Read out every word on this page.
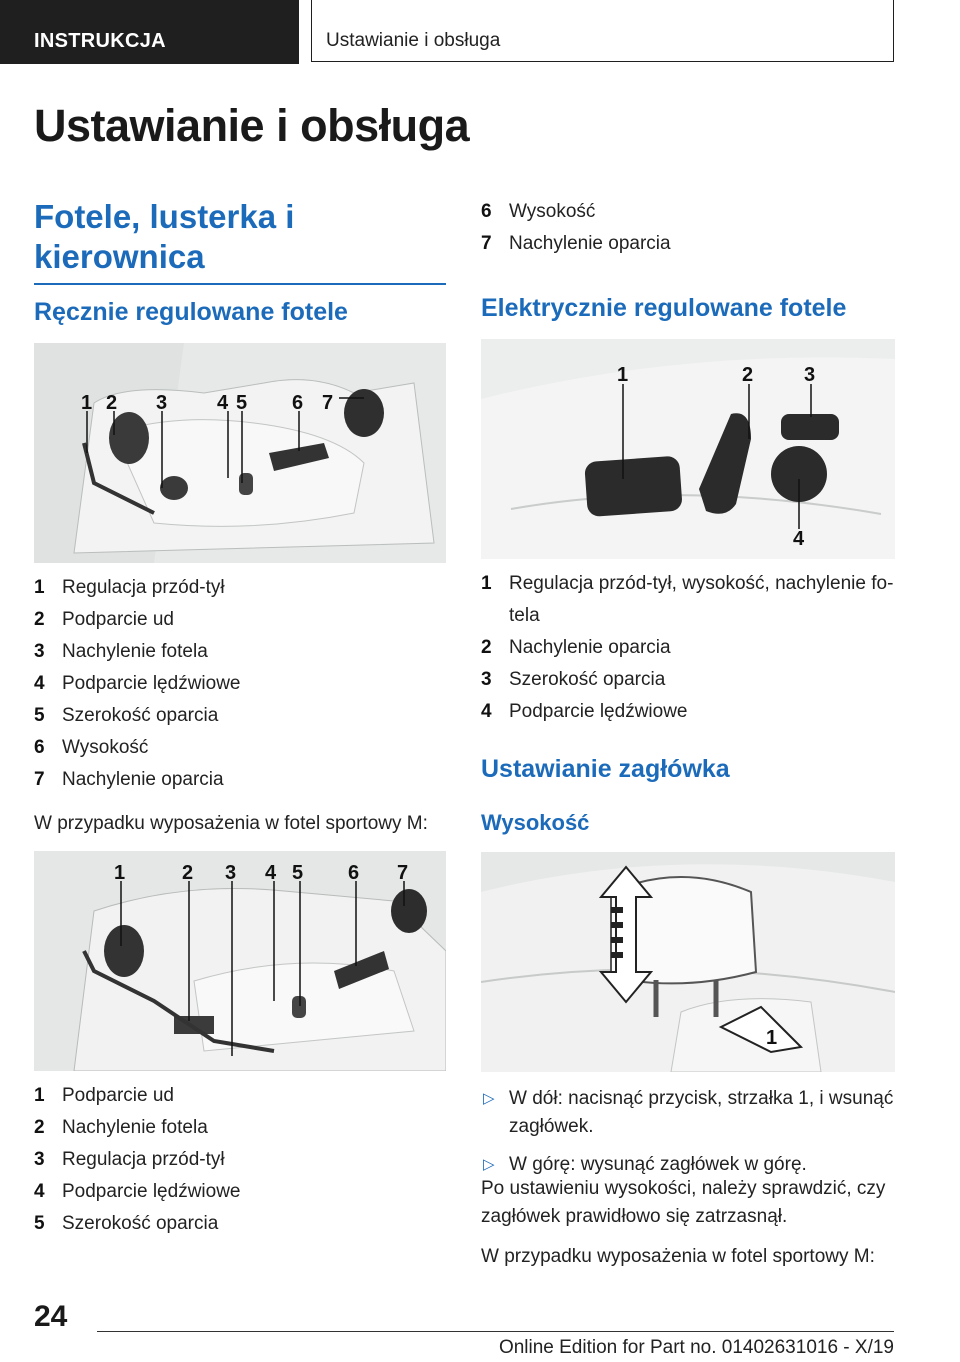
INSTRUKCJA	Ustawianie i obsługa
Ustawianie i obsługa
Fotele, lusterka i kierownica
Ręcznie regulowane fotele
1 2 3 4 5 6 7
1 Regulacja przód-tył
2 Podparcie ud
3 Nachylenie fotela
4 Podparcie lędźwiowe
5 Szerokość oparcia
6 Wysokość
7 Nachylenie oparcia
W przypadku wyposażenia w fotel sportowy M:
1	2 3 4 5 6 7
1 Podparcie ud
2 Nachylenie fotela
3 Regulacja przód-tył
4 Podparcie lędźwiowe
5 Szerokość oparcia
6 Wysokość
7 Nachylenie oparcia
Elektrycznie regulowane fotele
1	2	3
4
1 Regulacja przód-tył, wysokość, nachylenie fo-tela
2 Nachylenie oparcia
3 Szerokość oparcia
4 Podparcie lędźwiowe
Ustawianie zagłówka
Wysokość
1
▷ W dół: nacisnąć przycisk, strzałka 1, i wsunąć zagłówek.
▷ W górę: wysunąć zagłówek w górę.
Po ustawieniu wysokości, należy sprawdzić, czy zagłówek prawidłowo się zatrzasnął.
W przypadku wyposażenia w fotel sportowy M:
24
Online Edition for Part no. 01402631016 - X/19
